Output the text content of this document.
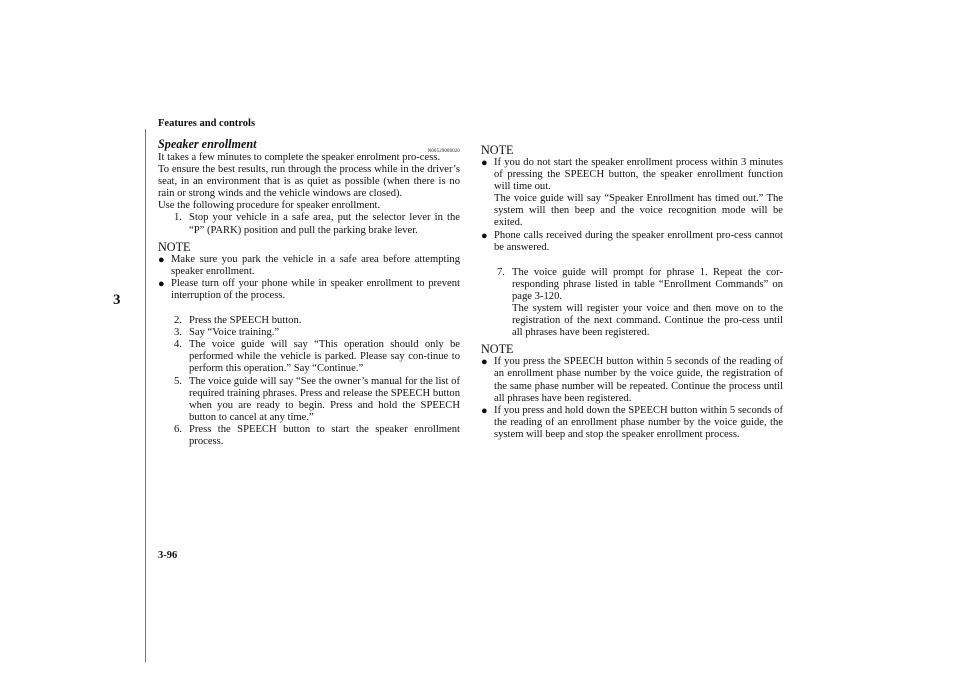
Features and controls
3
Speaker enrollment
N00529000020

It takes a few minutes to complete the speaker enrolment pro-cess.

To ensure the best results, run through the process while in the driver’s seat, in an environment that is as quiet as possible (when there is no rain or strong winds and the vehicle windows are closed).

Use the following procedure for speaker enrollment.

1. Stop your vehicle in a safe area, put the selector lever in the “P” (PARK) position and pull the parking brake lever.
NOTE
● Make sure you park the vehicle in a safe area before attempting speaker enrollment.
● Please turn off your phone while in speaker enrollment to prevent interruption of the process.
2. Press the SPEECH button.
3. Say “Voice training.”
4. The voice guide will say “This operation should only be performed while the vehicle is parked. Please say con-tinue to perform this operation.” Say “Continue.”
5. The voice guide will say “See the owner’s manual for the list of required training phrases. Press and release the SPEECH button when you are ready to begin. Press and hold the SPEECH button to cancel at any time.”
6. Press the SPEECH button to start the speaker enrollment process.
NOTE
● If you do not start the speaker enrollment process within 3 minutes of pressing the SPEECH button, the speaker enrollment function will time out.
The voice guide will say “Speaker Enrollment has timed out.” The system will then beep and the voice recognition mode will be exited.
● Phone calls received during the speaker enrollment pro-cess cannot be answered.
7. The voice guide will prompt for phrase 1. Repeat the cor-responding phrase listed in table “Enrollment Commands” on page 3-120.
The system will register your voice and then move on to the registration of the next command. Continue the pro-cess until all phrases have been registered.
NOTE
● If you press the SPEECH button within 5 seconds of the reading of an enrollment phase number by the voice guide, the registration of the same phase number will be repeated. Continue the process until all phrases have been registered.
● If you press and hold down the SPEECH button within 5 seconds of the reading of an enrollment phase number by the voice guide, the system will beep and stop the speaker enrollment process.
3-96
